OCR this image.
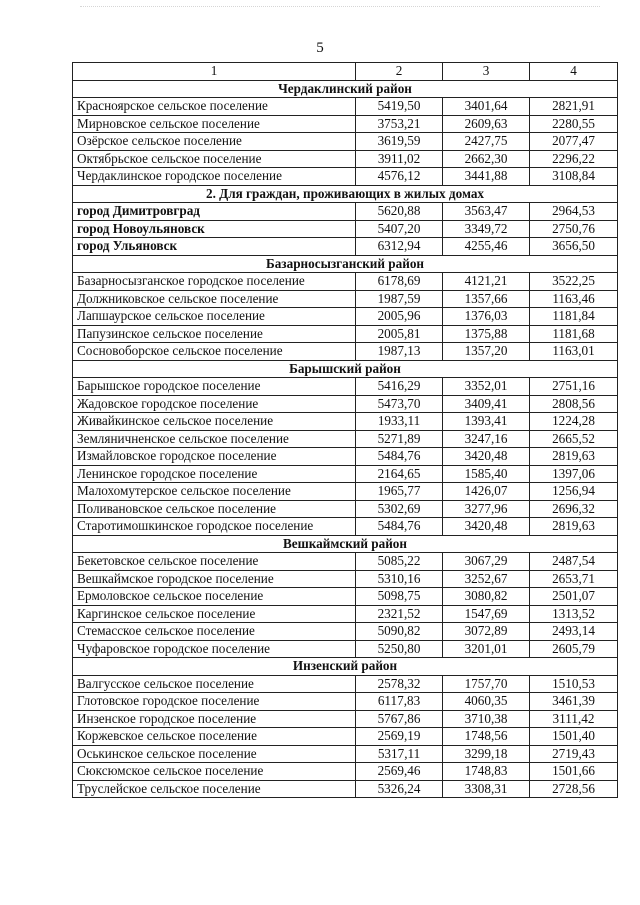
5
1	2	3	4
Чердаклинский район			
Красноярское сельское поселение	5419,50	3401,64	2821,91
Мирновское сельское поселение	3753,21	2609,63	2280,55
Озёрское сельское поселение	3619,59	2427,75	2077,47
Октябрьское сельское поселение	3911,02	2662,30	2296,22
Чердаклинское городское поселение	4576,12	3441,88	3108,84
2. Для граждан, проживающих в жилых домах			
город Димитровград	5620,88	3563,47	2964,53
город Новоульяновск	5407,20	3349,72	2750,76
город Ульяновск	6312,94	4255,46	3656,50
Базарносызганский район			
Базарносызганское городское поселение	6178,69	4121,21	3522,25
Должниковское сельское поселение	1987,59	1357,66	1163,46
Лапшаурское сельское поселение	2005,96	1376,03	1181,84
Папузинское сельское поселение	2005,81	1375,88	1181,68
Сосновоборское сельское поселение	1987,13	1357,20	1163,01
Барышский район			
Барышское городское поселение	5416,29	3352,01	2751,16
Жадовское городское поселение	5473,70	3409,41	2808,56
Живайкинское сельское поселение	1933,11	1393,41	1224,28
Земляничненское сельское поселение	5271,89	3247,16	2665,52
Измайловское городское поселение	5484,76	3420,48	2819,63
Ленинское городское поселение	2164,65	1585,40	1397,06
Малохомутерское сельское поселение	1965,77	1426,07	1256,94
Поливановское сельское поселение	5302,69	3277,96	2696,32
Старотимошкинское городское поселение	5484,76	3420,48	2819,63
Вешкаймский район			
Бекетовское сельское поселение	5085,22	3067,29	2487,54
Вешкаймское городское поселение	5310,16	3252,67	2653,71
Ермоловское сельское поселение	5098,75	3080,82	2501,07
Каргинское сельское поселение	2321,52	1547,69	1313,52
Стемасское сельское поселение	5090,82	3072,89	2493,14
Чуфаровское городское поселение	5250,80	3201,01	2605,79
Инзенский район			
Валгусское сельское поселение	2578,32	1757,70	1510,53
Глотовское городское поселение	6117,83	4060,35	3461,39
Инзенское городское поселение	5767,86	3710,38	3111,42
Коржевское сельское поселение	2569,19	1748,56	1501,40
Оськинское сельское поселение	5317,11	3299,18	2719,43
Сюксюмское сельское поселение	2569,46	1748,83	1501,66
Труслейское сельское поселение	5326,24	3308,31	2728,56
